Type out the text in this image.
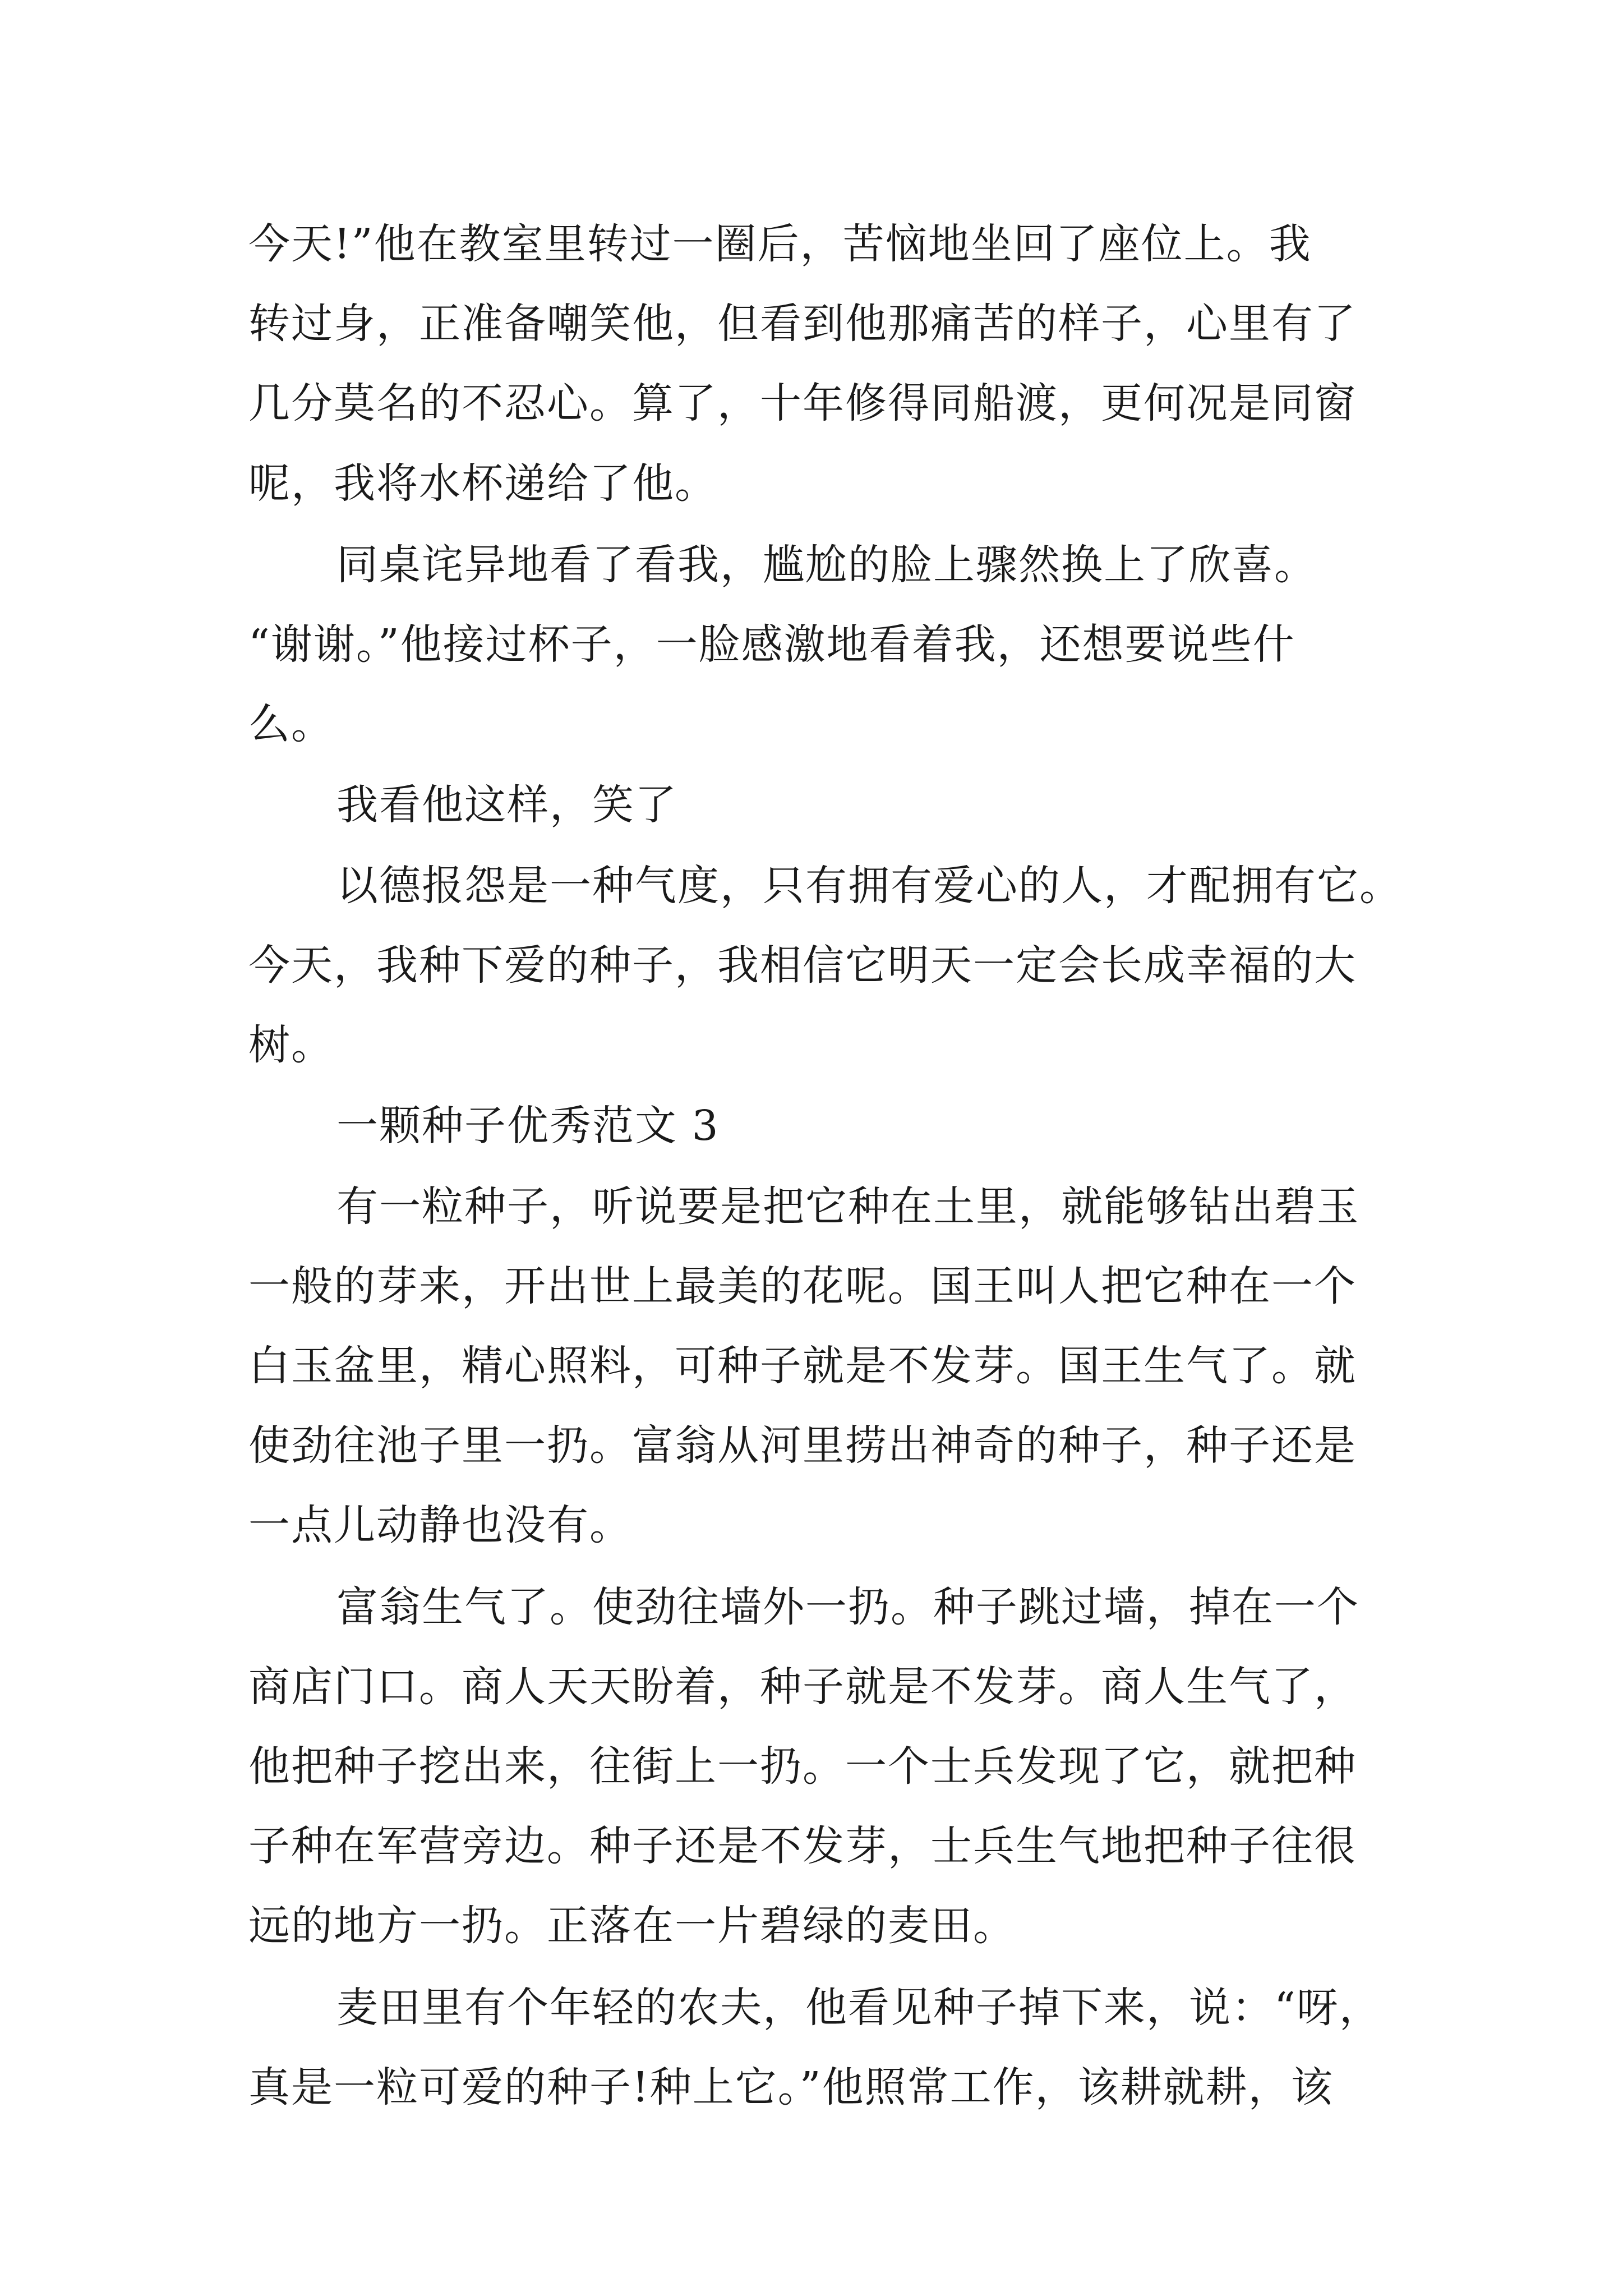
今天!”他在教室里转过一圈后，苦恼地坐回了座位上。我
转过身，正准备嘲笑他，但看到他那痛苦的样子，心里有了
几分莫名的不忍心。算了，十年修得同船渡，更何况是同窗
呢，我将水杯递给了他。
同桌诧异地看了看我，尴尬的脸上骤然换上了欣喜。
“谢谢。”他接过杯子，一脸感激地看着我，还想要说些什
么。
我看他这样，笑了
以德报怨是一种气度，只有拥有爱心的人，才配拥有它。
今天，我种下爱的种子，我相信它明天一定会长成幸福的大
树。
一颗种子优秀范文 3
有一粒种子，听说要是把它种在土里，就能够钻出碧玉
一般的芽来，开出世上最美的花呢。国王叫人把它种在一个
白玉盆里，精心照料，可种子就是不发芽。国王生气了。就
使劲往池子里一扔。富翁从河里捞出神奇的种子，种子还是
一点儿动静也没有。
富翁生气了。使劲往墙外一扔。种子跳过墙，掉在一个
商店门口。商人天天盼着，种子就是不发芽。商人生气了，
他把种子挖出来，往街上一扔。一个士兵发现了它，就把种
子种在军营旁边。种子还是不发芽，士兵生气地把种子往很
远的地方一扔。正落在一片碧绿的麦田。
麦田里有个年轻的农夫，他看见种子掉下来，说：“呀，
真是一粒可爱的种子!种上它。”他照常工作，该耕就耕，该
